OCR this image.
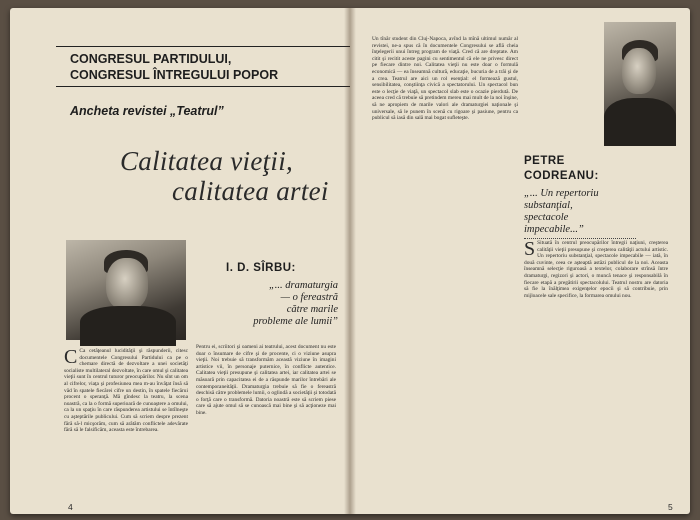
CONGRESUL PARTIDULUI,
CONGRESUL ÎNTREGULUI POPOR
Ancheta revistei „Teatrul”
Calitatea vieţii,
calitatea artei
I. D. SÎRBU:
„... dramaturgia
— o fereastră
către marile
probleme ale lumii”
C Ca cetăţeanul lucidităţii şi răspunderii, citesc documentele Congresului Partidului ca pe o chemare directă de dezvoltare a unei societăţi socialiste multilateral dezvoltate, în care omul şi calitatea vieţii sunt în centrul tuturor preocupărilor. Nu sînt un om al cifrelor, viaţa şi profesiunea mea m-au învăţat însă să văd în spatele fiecărei cifre un destin, în spatele fiecărui procent o speranţă. Mă gîndesc la teatru, la scena noastră, ca la o formă superioară de cunoaştere a omului, ca la un spaţiu în care răspunderea artistului se întîlneşte cu aşteptările publicului. Cum să scriem despre prezent fără să-l micşorăm, cum să arătăm conflictele adevărate fără să le falsificăm, aceasta este întrebarea.
Pentru ei, scriitori şi oameni ai teatrului, acest document nu este doar o însumare de cifre şi de procente, ci o viziune asupra vieţii. Noi trebuie să transformăm această viziune în imagini artistice vii, în personaje puternice, în conflicte autentice. Calitatea vieţii presupune şi calitatea artei, iar calitatea artei se măsoară prin capacitatea ei de a răspunde marilor întrebări ale contemporaneităţii. Dramaturgia trebuie să fie o fereastră deschisă către problemele lumii, o oglindă a societăţii şi totodată o forţă care o transformă. Datoria noastră este să scriem piese care să ajute omul să se cunoască mai bine şi să acţioneze mai bine.
4
Un tînăr student din Cluj-Napoca, avînd la mînă ultimul număr al revistei, ne-a spus că în documentele Congresului se află cheia înţelegerii unui întreg program de viaţă. Cred că are dreptate. Am citit şi recitit aceste pagini cu sentimentul că ele ne privesc direct pe fiecare dintre noi. Calitatea vieţii nu este doar o formulă economică — ea înseamnă cultură, educaţie, bucuria de a trăi şi de a crea. Teatrul are aici un rol esenţial: el formează gustul, sensibilitatea, conştiinţa civică a spectatorului. Un spectacol bun este o lecţie de viaţă, un spectacol slab este o ocazie pierdută. De aceea cred că trebuie să pretindem mereu mai mult de la noi înşine, să ne apropiem de marile valori ale dramaturgiei naţionale şi universale, să le punem în scenă cu rigoare şi pasiune, pentru ca publicul să iasă din sală mai bogat sufleteşte.
PETRE
CODREANU:
„... Un repertoriu
substanţial,
spectacole
impecabile...”
S Situată în centrul preocupărilor întregii naţiuni, creşterea calităţii vieţii presupune şi creşterea calităţii actului artistic. Un repertoriu substanţial, spectacole impecabile — iată, în două cuvinte, ceea ce aşteaptă astăzi publicul de la noi. Aceasta înseamnă selecţie riguroasă a textelor, colaborare strînsă între dramaturgi, regizori şi actori, o muncă tenace şi responsabilă în fiecare etapă a pregătirii spectacolului. Teatrul nostru are datoria să fie la înălţimea exigenţelor epocii şi să contribuie, prin mijloacele sale specifice, la formarea omului nou.
5
